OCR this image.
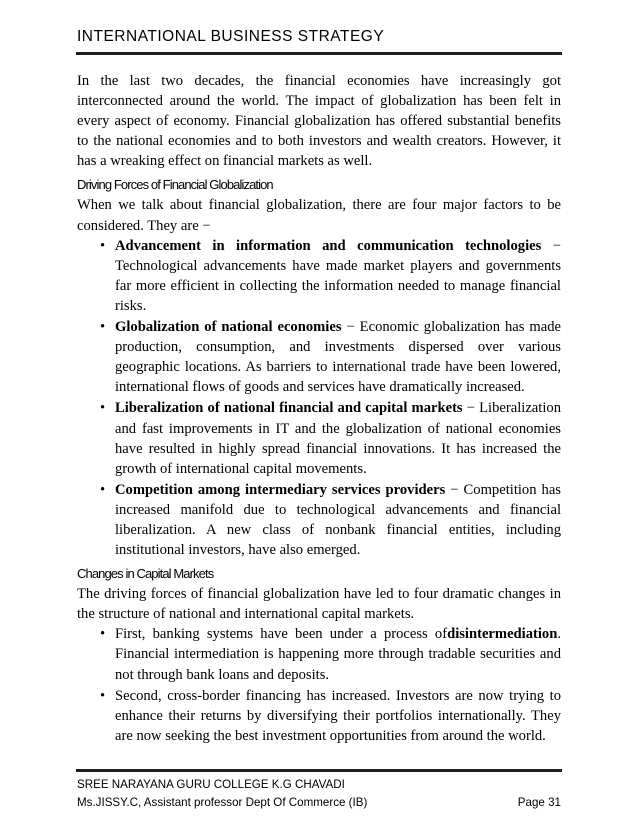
INTERNATIONAL BUSINESS STRATEGY

In the last two decades, the financial economies have increasingly got interconnected around the world. The impact of globalization has been felt in every aspect of economy. Financial globalization has offered substantial benefits to the national economies and to both investors and wealth creators. However, it has a wreaking effect on financial markets as well.

Driving Forces of Financial Globalization

When we talk about financial globalization, there are four major factors to be considered. They are −

• Advancement in information and communication technologies − Technological advancements have made market players and governments far more efficient in collecting the information needed to manage financial risks.
• Globalization of national economies − Economic globalization has made production, consumption, and investments dispersed over various geographic locations. As barriers to international trade have been lowered, international flows of goods and services have dramatically increased.
• Liberalization of national financial and capital markets − Liberalization and fast improvements in IT and the globalization of national economies have resulted in highly spread financial innovations. It has increased the growth of international capital movements.
• Competition among intermediary services providers − Competition has increased manifold due to technological advancements and financial liberalization. A new class of nonbank financial entities, including institutional investors, have also emerged.
Changes in Capital Markets

The driving forces of financial globalization have led to four dramatic changes in the structure of national and international capital markets.

• First, banking systems have been under a process ofdisintermediation. Financial intermediation is happening more through tradable securities and not through bank loans and deposits.
• Second, cross-border financing has increased. Investors are now trying to enhance their returns by diversifying their portfolios internationally. They are now seeking the best investment opportunities from around the world.
SREE NARAYANA GURU COLLEGE K.G CHAVADI
Ms.JISSY.C, Assistant professor Dept Of Commerce (IB)	Page 31
